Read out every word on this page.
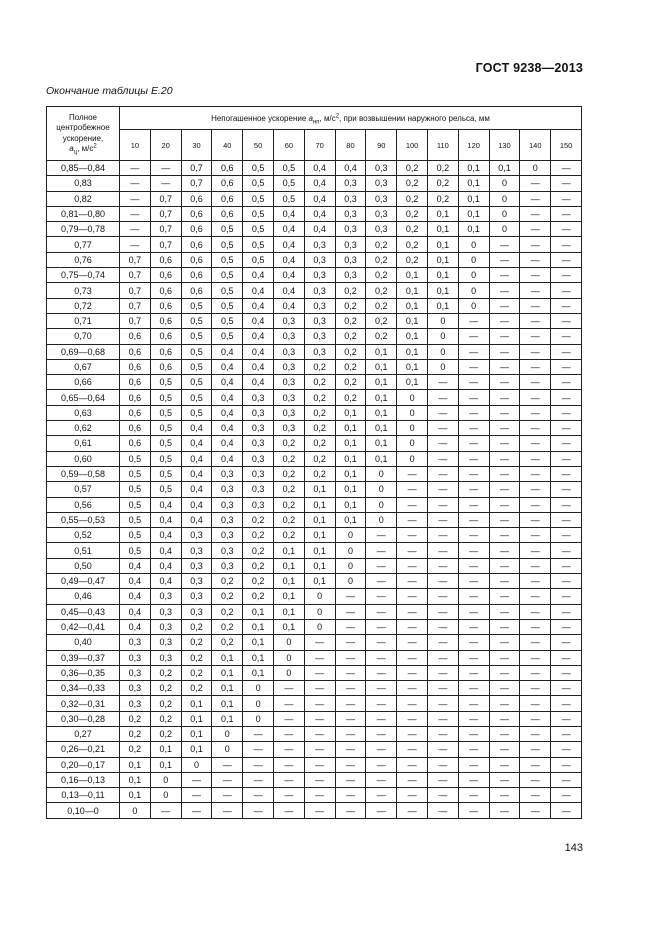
ГОСТ 9238—2013
Окончание таблицы Е.20
Полное
центробежное
ускорение,
$a_ц$, $м/с^2$	Непогашенное ускорение $a_{нп}$, $м/с^2$, при возвышении наружного рельса, мм														
	10	20	30	40	50	60	70	80	90	100	110	120	130	140	150
0,85—0,84	—	—	0,7	0,6	0,5	0,5	0,4	0,4	0,3	0,2	0,2	0,1	0,1	0	—
0,83	—	—	0,7	0,6	0,5	0,5	0,4	0,3	0,3	0,2	0,2	0,1	0	—	—
0,82	—	0,7	0,6	0,6	0,5	0,5	0,4	0,3	0,3	0,2	0,2	0,1	0	—	—
0,81—0,80	—	0,7	0,6	0,6	0,5	0,4	0,4	0,3	0,3	0,2	0,1	0,1	0	—	—
0,79—0,78	—	0,7	0,6	0,5	0,5	0,4	0,4	0,3	0,3	0,2	0,1	0,1	0	—	—
0,77	—	0,7	0,6	0,5	0,5	0,4	0,3	0,3	0,2	0,2	0,1	0	—	—	—
0,76	0,7	0,6	0,6	0,5	0,5	0,4	0,3	0,3	0,2	0,2	0,1	0	—	—	—
0,75—0,74	0,7	0,6	0,6	0,5	0,4	0,4	0,3	0,3	0,2	0,1	0,1	0	—	—	—
0,73	0,7	0,6	0,6	0,5	0,4	0,4	0,3	0,2	0,2	0,1	0,1	0	—	—	—
0,72	0,7	0,6	0,5	0,5	0,4	0,4	0,3	0,2	0,2	0,1	0,1	0	—	—	—
0,71	0,7	0,6	0,5	0,5	0,4	0,3	0,3	0,2	0,2	0,1	0	—	—	—	—
0,70	0,6	0,6	0,5	0,5	0,4	0,3	0,3	0,2	0,2	0,1	0	—	—	—	—
0,69—0,68	0,6	0,6	0,5	0,4	0,4	0,3	0,3	0,2	0,1	0,1	0	—	—	—	—
0,67	0,6	0,6	0,5	0,4	0,4	0,3	0,2	0,2	0,1	0,1	0	—	—	—	—
0,66	0,6	0,5	0,5	0,4	0,4	0,3	0,2	0,2	0,1	0,1	—	—	—	—	—
0,65—0,64	0,6	0,5	0,5	0,4	0,3	0,3	0,2	0,2	0,1	0	—	—	—	—	—
0,63	0,6	0,5	0,5	0,4	0,3	0,3	0,2	0,1	0,1	0	—	—	—	—	—
0,62	0,6	0,5	0,4	0,4	0,3	0,3	0,2	0,1	0,1	0	—	—	—	—	—
0,61	0,6	0,5	0,4	0,4	0,3	0,2	0,2	0,1	0,1	0	—	—	—	—	—
0,60	0,5	0,5	0,4	0,4	0,3	0,2	0,2	0,1	0,1	0	—	—	—	—	—
0,59—0,58	0,5	0,5	0,4	0,3	0,3	0,2	0,2	0,1	0	—	—	—	—	—	—
0,57	0,5	0,5	0,4	0,3	0,3	0,2	0,1	0,1	0	—	—	—	—	—	—
0,56	0,5	0,4	0,4	0,3	0,3	0,2	0,1	0,1	0	—	—	—	—	—	—
0,55—0,53	0,5	0,4	0,4	0,3	0,2	0,2	0,1	0,1	0	—	—	—	—	—	—
0,52	0,5	0,4	0,3	0,3	0,2	0,2	0,1	0	—	—	—	—	—	—	—
0,51	0,5	0,4	0,3	0,3	0,2	0,1	0,1	0	—	—	—	—	—	—	—
0,50	0,4	0,4	0,3	0,3	0,2	0,1	0,1	0	—	—	—	—	—	—	—
0,49—0,47	0,4	0,4	0,3	0,2	0,2	0,1	0,1	0	—	—	—	—	—	—	—
0,46	0,4	0,3	0,3	0,2	0,2	0,1	0	—	—	—	—	—	—	—	—
0,45—0,43	0,4	0,3	0,3	0,2	0,1	0,1	0	—	—	—	—	—	—	—	—
0,42—0,41	0,4	0,3	0,2	0,2	0,1	0,1	0	—	—	—	—	—	—	—	—
0,40	0,3	0,3	0,2	0,2	0,1	0	—	—	—	—	—	—	—	—	—
0,39—0,37	0,3	0,3	0,2	0,1	0,1	0	—	—	—	—	—	—	—	—	—
0,36—0,35	0,3	0,2	0,2	0,1	0,1	0	—	—	—	—	—	—	—	—	—
0,34—0,33	0,3	0,2	0,2	0,1	0	—	—	—	—	—	—	—	—	—	—
0,32—0,31	0,3	0,2	0,1	0,1	0	—	—	—	—	—	—	—	—	—	—
0,30—0,28	0,2	0,2	0,1	0,1	0	—	—	—	—	—	—	—	—	—	—
0,27	0,2	0,2	0,1	0	—	—	—	—	—	—	—	—	—	—	—
0,26—0,21	0,2	0,1	0,1	0	—	—	—	—	—	—	—	—	—	—	—
0,20—0,17	0,1	0,1	0	—	—	—	—	—	—	—	—	—	—	—	—
0,16—0,13	0,1	0	—	—	—	—	—	—	—	—	—	—	—	—	—
0,13—0,11	0,1	0	—	—	—	—	—	—	—	—	—	—	—	—	—
0,10—0	0	—	—	—	—	—	—	—	—	—	—	—	—	—	—
143
